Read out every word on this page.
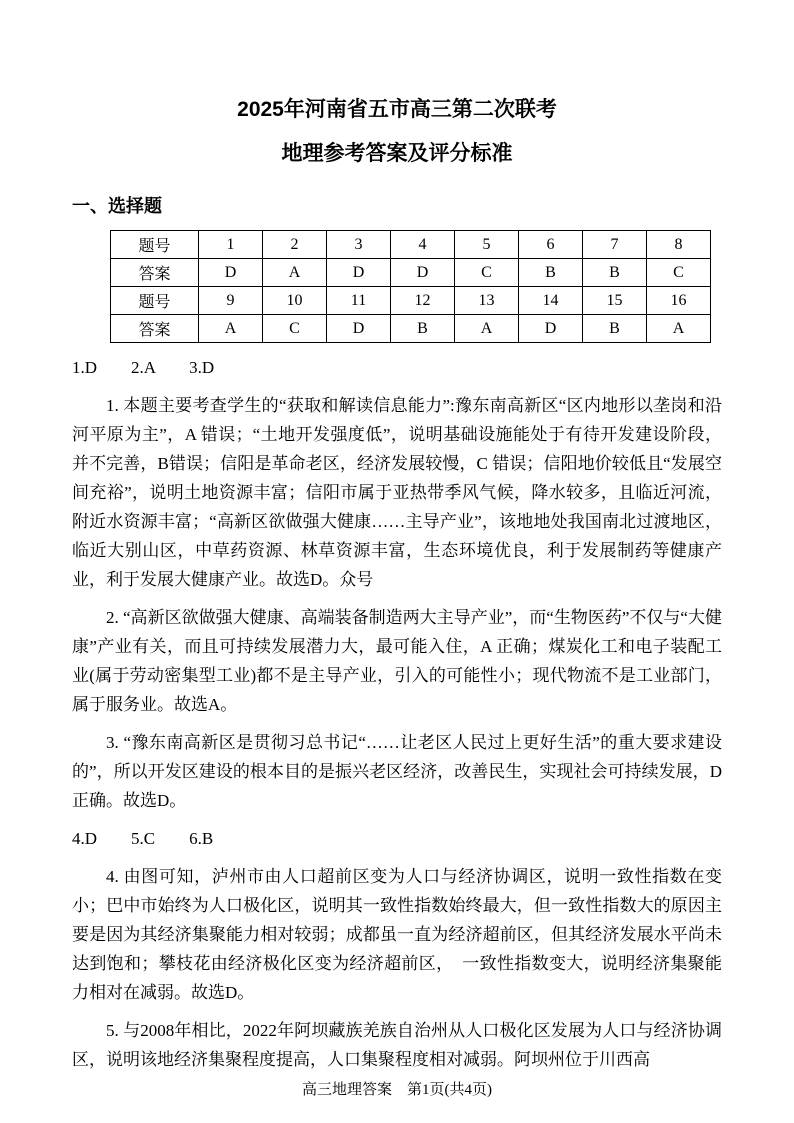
2025年河南省五市高三第二次联考
地理参考答案及评分标准
一、选择题
题号	1	2	3	4	5	6	7	8
答案	D	A	D	D	C	B	B	C
题号	9	10	11	12	13	14	15	16
答案	A	C	D	B	A	D	B	A

1.D　　2.A　　3.D

1. 本题主要考查学生的“获取和解读信息能力”:豫东南高新区“区内地形以垄岗和沿河平原为主”，A 错误；“土地开发强度低”，说明基础设施能处于有待开发建设阶段，并不完善，B错误；信阳是革命老区，经济发展较慢，C 错误；信阳地价较低且“发展空间充裕”，说明土地资源丰富；信阳市属于亚热带季风气候，降水较多，且临近河流，附近水资源丰富；“高新区欲做强大健康……主导产业”，该地地处我国南北过渡地区，临近大别山区，中草药资源、林草资源丰富，生态环境优良，利于发展制药等健康产业，利于发展大健康产业。故选D。众号

2. “高新区欲做强大健康、高端装备制造两大主导产业”，而“生物医药”不仅与“大健康”产业有关，而且可持续发展潜力大，最可能入住，A 正确；煤炭化工和电子装配工业(属于劳动密集型工业)都不是主导产业，引入的可能性小；现代物流不是工业部门，属于服务业。故选A。

3. “豫东南高新区是贯彻习总书记“……让老区人民过上更好生活”的重大要求建设的”，所以开发区建设的根本目的是振兴老区经济，改善民生，实现社会可持续发展，D正确。故选D。

4.D　　5.C　　6.B

4. 由图可知，泸州市由人口超前区变为人口与经济协调区，说明一致性指数在变小；巴中市始终为人口极化区，说明其一致性指数始终最大，但一致性指数大的原因主要是因为其经济集聚能力相对较弱；成都虽一直为经济超前区，但其经济发展水平尚未达到饱和；攀枝花由经济极化区变为经济超前区，　一致性指数变大，说明经济集聚能力相对在减弱。故选D。

5. 与2008年相比，2022年阿坝藏族羌族自治州从人口极化区发展为人口与经济协调区，说明该地经济集聚程度提高，人口集聚程度相对减弱。阿坝州位于川西高

高三地理答案　第1页(共4页)
